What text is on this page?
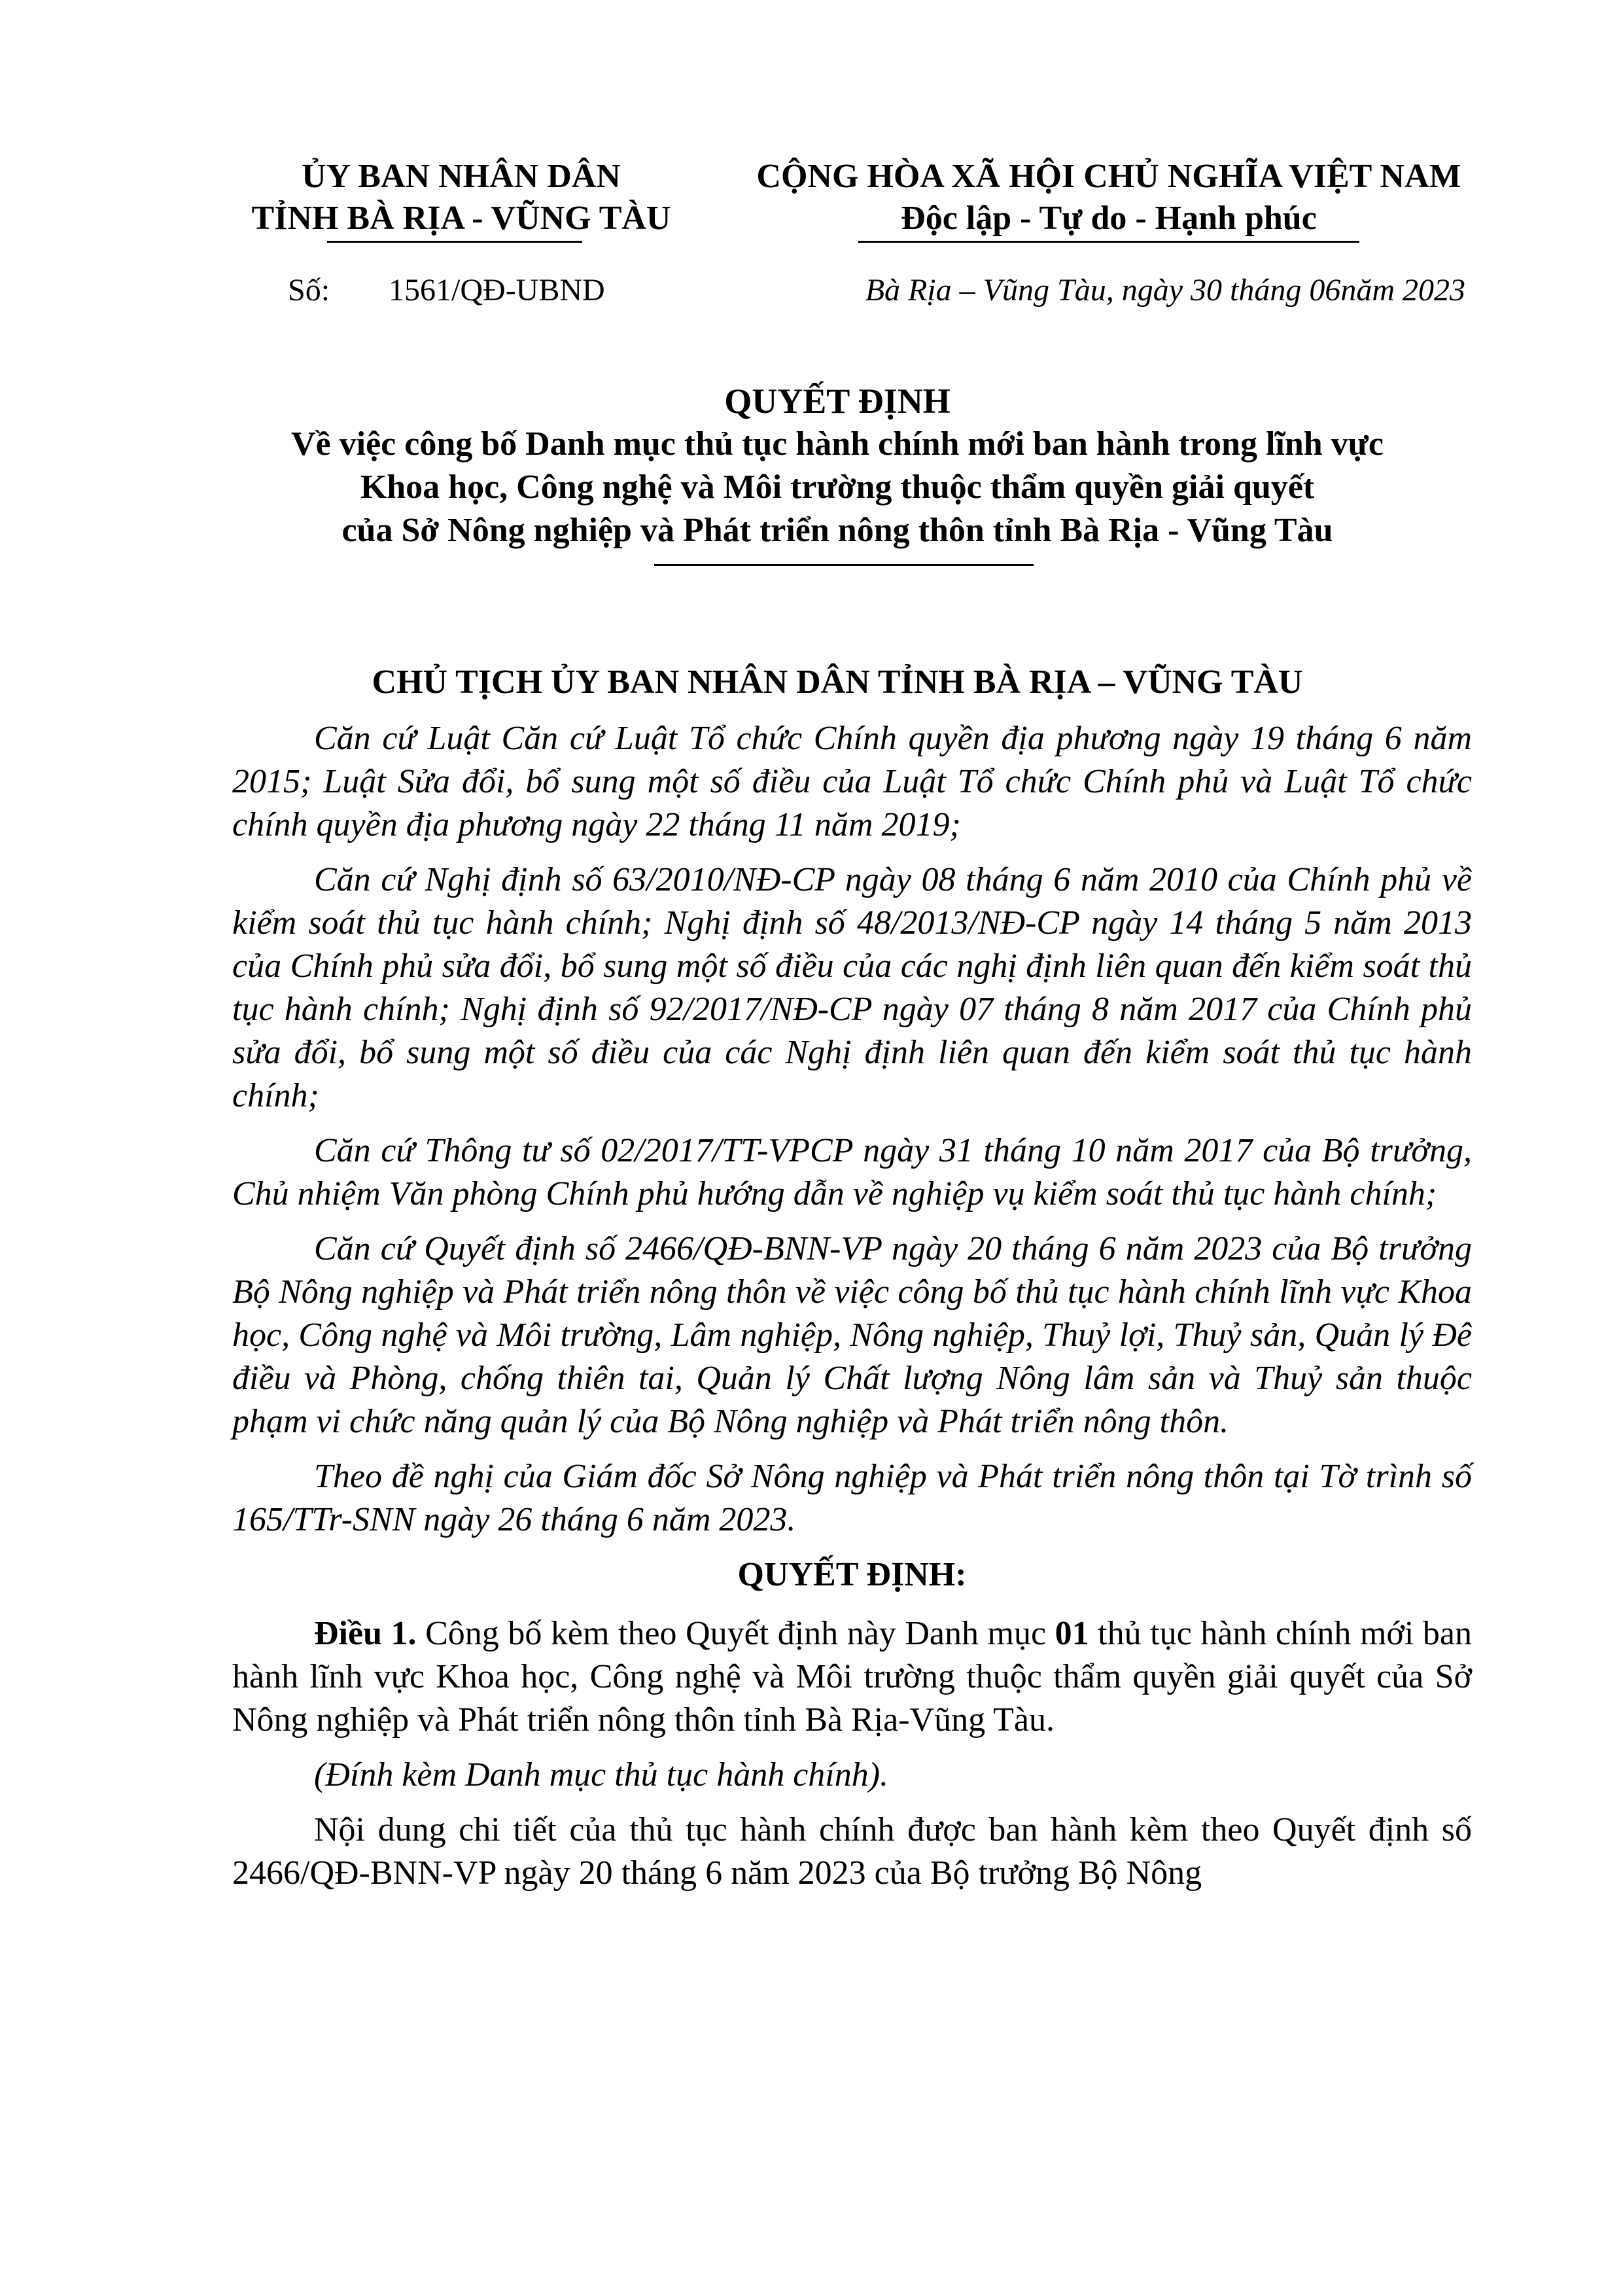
ỦY BAN NHÂN DÂN
TỈNH BÀ RỊA - VŨNG TÀU
CỘNG HÒA XÃ HỘI CHỦ NGHĨA VIỆT NAM
Độc lập - Tự do - Hạnh phúc
Số: 1561/QĐ-UBND	Bà Rịa – Vũng Tàu, ngày 30 tháng 06năm 2023
QUYẾT ĐỊNH
Về việc công bố Danh mục thủ tục hành chính mới ban hành trong lĩnh vực
Khoa học, Công nghệ và Môi trường thuộc thẩm quyền giải quyết
của Sở Nông nghiệp và Phát triển nông thôn tỉnh Bà Rịa - Vũng Tàu
CHỦ TỊCH ỦY BAN NHÂN DÂN TỈNH BÀ RỊA – VŨNG TÀU

Căn cứ Luật Căn cứ Luật Tổ chức Chính quyền địa phương ngày 19 tháng 6 năm 2015; Luật Sửa đổi, bổ sung một số điều của Luật Tổ chức Chính phủ và Luật Tổ chức chính quyền địa phương ngày 22 tháng 11 năm 2019;

Căn cứ Nghị định số 63/2010/NĐ-CP ngày 08 tháng 6 năm 2010 của Chính phủ về kiểm soát thủ tục hành chính; Nghị định số 48/2013/NĐ-CP ngày 14 tháng 5 năm 2013 của Chính phủ sửa đổi, bổ sung một số điều của các nghị định liên quan đến kiểm soát thủ tục hành chính; Nghị định số 92/2017/NĐ-CP ngày 07 tháng 8 năm 2017 của Chính phủ sửa đổi, bổ sung một số điều của các Nghị định liên quan đến kiểm soát thủ tục hành chính;

Căn cứ Thông tư số 02/2017/TT-VPCP ngày 31 tháng 10 năm 2017 của Bộ trưởng, Chủ nhiệm Văn phòng Chính phủ hướng dẫn về nghiệp vụ kiểm soát thủ tục hành chính;

Căn cứ Quyết định số 2466/QĐ-BNN-VP ngày 20 tháng 6 năm 2023 của Bộ trưởng Bộ Nông nghiệp và Phát triển nông thôn về việc công bố thủ tục hành chính lĩnh vực Khoa học, Công nghệ và Môi trường, Lâm nghiệp, Nông nghiệp, Thuỷ lợi, Thuỷ sản, Quản lý Đê điều và Phòng, chống thiên tai, Quản lý Chất lượng Nông lâm sản và Thuỷ sản thuộc phạm vi chức năng quản lý của Bộ Nông nghiệp và Phát triển nông thôn.

Theo đề nghị của Giám đốc Sở Nông nghiệp và Phát triển nông thôn tại Tờ trình số 165/TTr-SNN ngày 26 tháng 6 năm 2023.

QUYẾT ĐỊNH:

Điều 1. Công bố kèm theo Quyết định này Danh mục 01 thủ tục hành chính mới ban hành lĩnh vực Khoa học, Công nghệ và Môi trường thuộc thẩm quyền giải quyết của Sở Nông nghiệp và Phát triển nông thôn tỉnh Bà Rịa-Vũng Tàu.

(Đính kèm Danh mục thủ tục hành chính).

Nội dung chi tiết của thủ tục hành chính được ban hành kèm theo Quyết định số 2466/QĐ-BNN-VP ngày 20 tháng 6 năm 2023 của Bộ trưởng Bộ Nông
